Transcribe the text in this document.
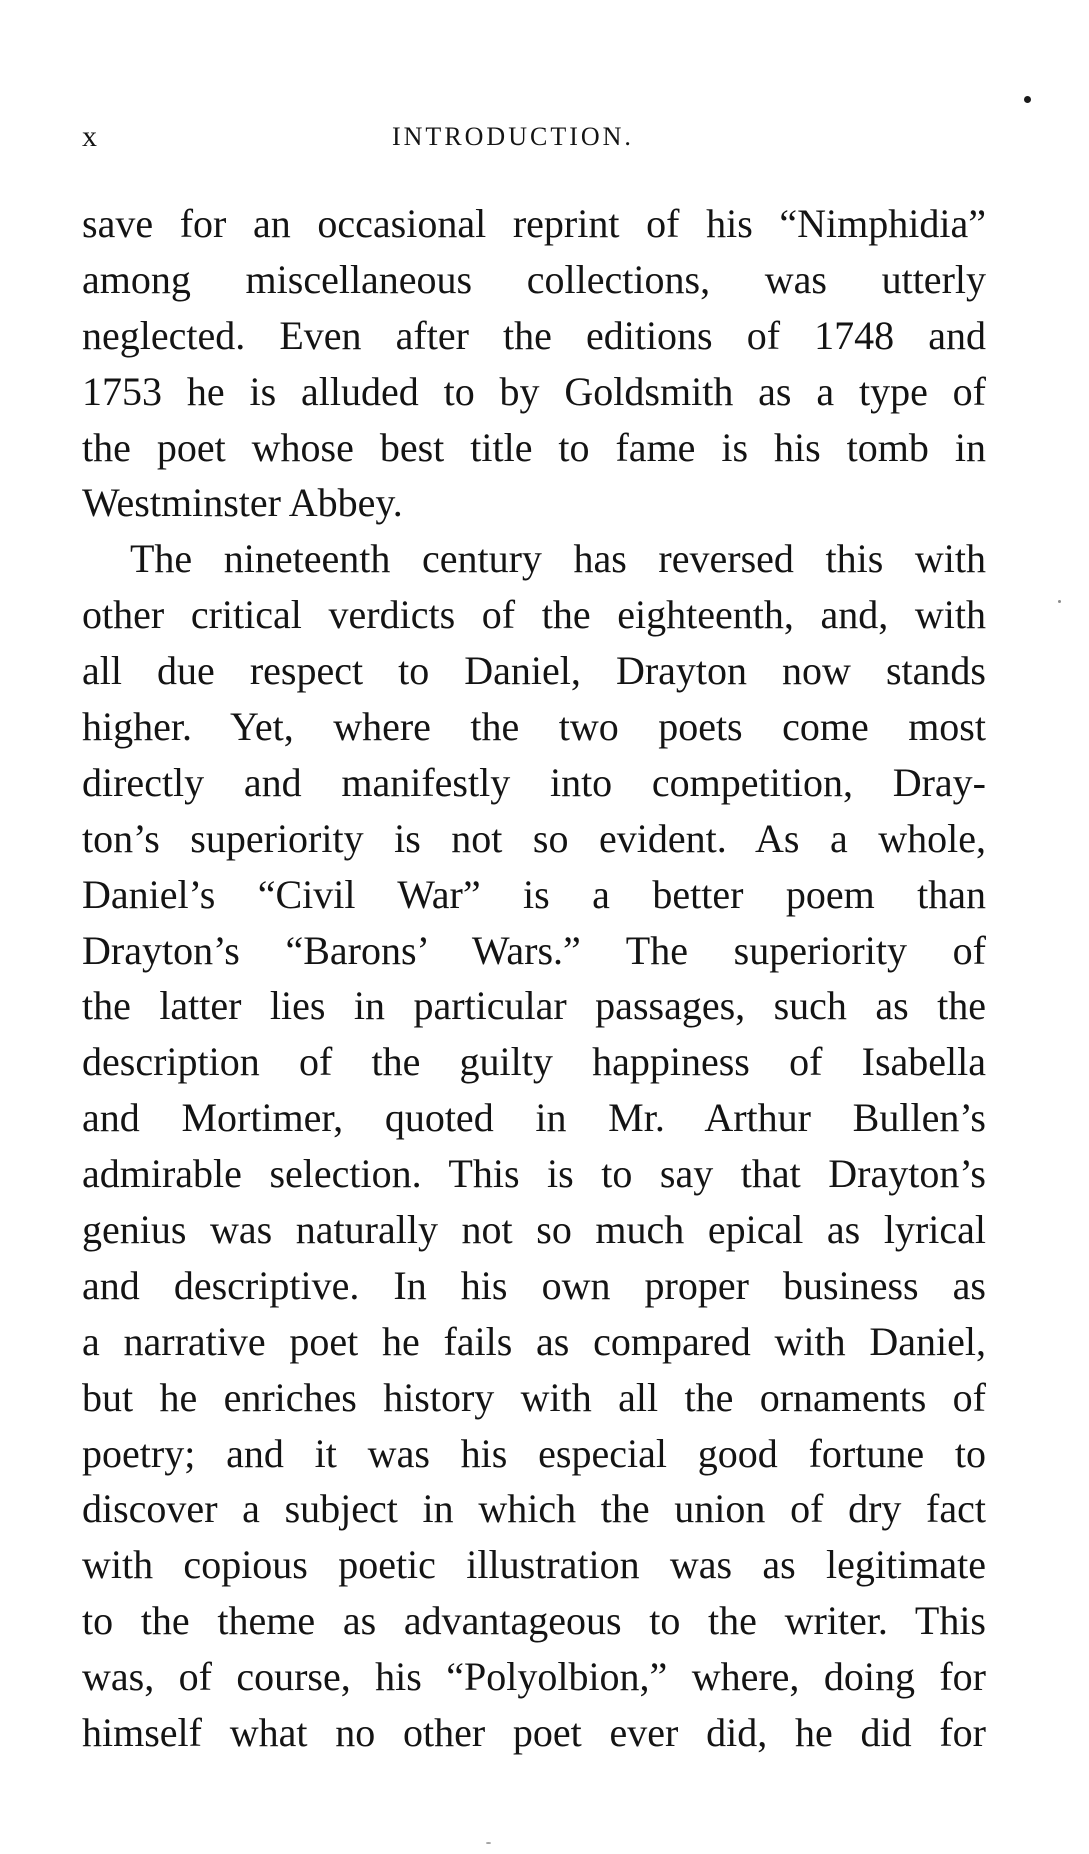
x	INTRODUCTION.
save for an occasional reprint of his “Nimphidia”
among miscellaneous collections, was utterly
neglected. Even after the editions of 1748 and
1753 he is alluded to by Goldsmith as a type of
the poet whose best title to fame is his tomb in
Westminster Abbey.
The nineteenth century has reversed this with
other critical verdicts of the eighteenth, and, with
all due respect to Daniel, Drayton now stands
higher. Yet, where the two poets come most
directly and manifestly into competition, Dray-
ton’s superiority is not so evident. As a whole,
Daniel’s “Civil War” is a better poem than
Drayton’s “Barons’ Wars.” The superiority of
the latter lies in particular passages, such as the
description of the guilty happiness of Isabella
and Mortimer, quoted in Mr. Arthur Bullen’s
admirable selection. This is to say that Drayton’s
genius was naturally not so much epical as lyrical
and descriptive. In his own proper business as
a narrative poet he fails as compared with Daniel,
but he enriches history with all the ornaments of
poetry; and it was his especial good fortune to
discover a subject in which the union of dry fact
with copious poetic illustration was as legitimate
to the theme as advantageous to the writer. This
was, of course, his “Polyolbion,” where, doing for
himself what no other poet ever did, he did for
